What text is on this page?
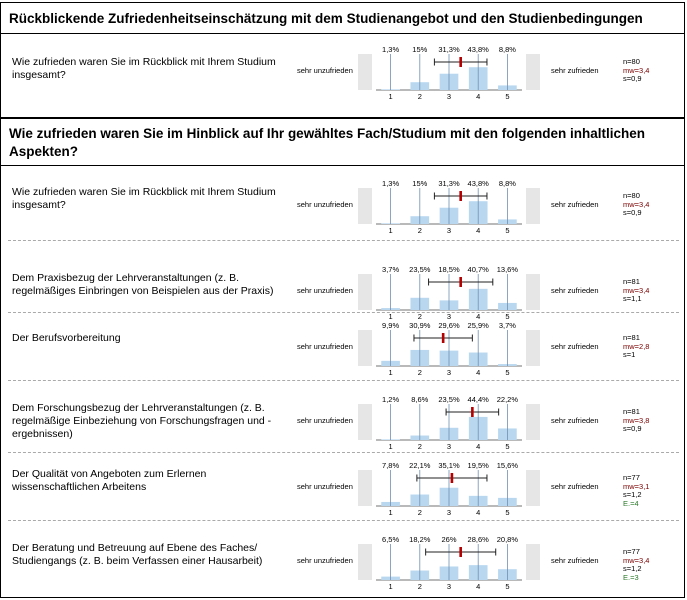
Rückblickende Zufriedenheitseinschätzung mit dem Studienangebot und den Studienbedingungen
Wie zufrieden waren Sie im Hinblick auf Ihr gewähltes Fach/Studium mit den folgenden inhaltlichen Aspekten?
Wie zufrieden waren Sie im Rückblick mit Ihrem Studium insgesamt?	sehr unzufrieden	sehr zufrieden
n=80
mw=3,4
s=0,9
1,3%
1
15%
2
31,3%
3
43,8%
4
8,8%
5
Wie zufrieden waren Sie im Rückblick mit Ihrem Studium insgesamt?	sehr unzufrieden	sehr zufrieden
n=80
mw=3,4
s=0,9
1,3%
1
15%
2
31,3%
3
43,8%
4
8,8%
5
Dem Praxisbezug der Lehrveranstaltungen (z. B. regelmäßiges Einbringen von Beispielen aus der Praxis)	sehr unzufrieden	sehr zufrieden
n=81
mw=3,4
s=1,1
3,7%
1
23,5%
2
18,5%
3
40,7%
4
13,6%
5
Der Berufsvorbereitung
sehr unzufrieden	sehr zufrieden
n=81
mw=2,8
s=1
9,9%
1
30,9%
2
29,6%
3
25,9%
4
3,7%
5
Dem Forschungsbezug der Lehrveranstaltungen (z. B. regelmäßige Einbeziehung von Forschungsfragen und -ergebnissen)
sehr unzufrieden	sehr zufrieden
n=81
mw=3,8
s=0,9
1,2%
1
8,6%
2
23,5%
3
44,4%
4
22,2%
5
Der Qualität von Angeboten zum Erlernen wissenschaftlichen Arbeitens	sehr unzufrieden	sehr zufrieden
n=77
mw=3,1
s=1,2
E.=4
7,8%
1
22,1%
2
35,1%
3
19,5%
4
15,6%
5
Der Beratung und Betreuung auf Ebene des Faches/ Studiengangs (z. B. beim Verfassen einer Hausarbeit)	sehr unzufrieden	sehr zufrieden
n=77
mw=3,4
s=1,2
E.=3
6,5%
1
18,2%
2
26%
3
28,6%
4
20,8%
5
